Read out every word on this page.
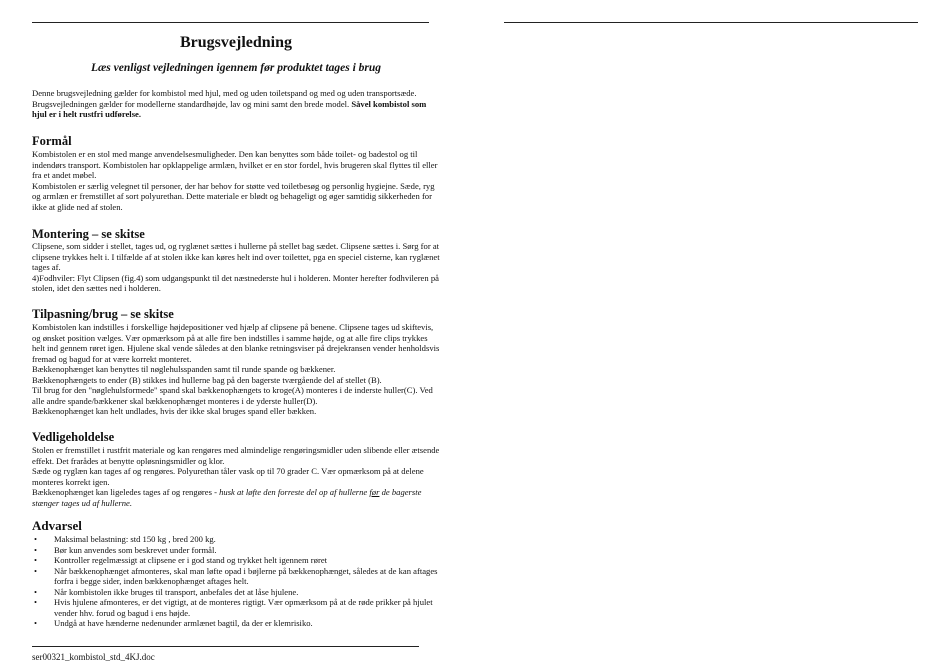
Brugsvejledning
Læs venligst vejledningen igennem før produktet tages i brug
Denne brugsvejledning gælder for kombistol med hjul, med og uden toiletspand og med og uden transportsæde. Brugsvejledningen gælder for modellerne standardhøjde, lav og mini samt den brede model. Såvel kombistol som hjul er i helt rustfri udførelse.
Formål

Kombistolen er en stol med mange anvendelsesmuligheder. Den kan benyttes som både toilet- og badestol og til indendørs transport. Kombistolen har opklappelige armlæn, hvilket er en stor fordel, hvis brugeren skal flyttes til eller fra et andet møbel.

Kombistolen er særlig velegnet til personer, der har behov for støtte ved toiletbesøg og personlig hygiejne. Sæde, ryg og armlæn er fremstillet af sort polyurethan. Dette materiale er blødt og behageligt og øger samtidig sikkerheden for ikke at glide ned af stolen.

Montering – se skitse

Clipsene, som sidder i stellet, tages ud, og ryglænet sættes i hullerne på stellet bag sædet. Clipsene sættes i. Sørg for at clipsene trykkes helt i. I tilfælde af at stolen ikke kan køres helt ind over toilettet, pga en speciel cisterne, kan ryglænet tages af.

4)Fodhviler: Flyt Clipsen (fig.4) som udgangspunkt til det næstnederste hul i holderen. Monter herefter fodhvileren på stolen, idet den sættes ned i holderen.

Tilpasning/brug – se skitse

Kombistolen kan indstilles i forskellige højdepositioner ved hjælp af clipsene på benene. Clipsene tages ud skiftevis, og ønsket position vælges. Vær opmærksom på at alle fire ben indstilles i samme højde, og at alle fire clips trykkes helt ind gennem røret igen. Hjulene skal vende således at den blanke retningsviser på drejekransen vender henholdsvis fremad og bagud for at være korrekt monteret.

Bækkenophænget kan benyttes til nøglehulsspanden samt til runde spande og bækkener.

Bækkenophængets to ender (B) stikkes ind hullerne bag på den bagerste tværgående del af stellet (B).

Til brug for den "nøglehulsformede" spand skal bækkenophængets to kroge(A) monteres i de inderste huller(C). Ved alle andre spande/bækkener skal bækkenophænget monteres i de yderste huller(D).

Bækkenophænget kan helt undlades, hvis der ikke skal bruges spand eller bækken.

Vedligeholdelse

Stolen er fremstillet i rustfrit materiale og kan rengøres med almindelige rengøringsmidler uden slibende eller ætsende effekt. Det frarådes at benytte opløsningsmidler og klor.

Sæde og ryglæn kan tages af og rengøres. Polyurethan tåler vask op til 70 grader C. Vær opmærksom på at delene monteres korrekt igen.

Bækkenophænget kan ligeledes tages af og rengøres - husk at løfte den forreste del op af hullerne før de bagerste stænger tages ud af hullerne.

Advarsel
• Maksimal belastning: std 150 kg , bred 200 kg.
• Bør kun anvendes som beskrevet under formål.
• Kontroller regelmæssigt at clipsene er i god stand og trykket helt igennem røret
• Når bækkenophænget afmonteres, skal man løfte opad i bøjlerne på bækkenophænget, således at de kan aftages forfra i begge sider, inden bækkenophænget aftages helt.
• Når kombistolen ikke bruges til transport, anbefales det at låse hjulene.
• Hvis hjulene afmonteres, er det vigtigt, at de monteres rigtigt. Vær opmærksom på at de røde prikker på hjulet vender hhv. forud og bagud i ens højde.
• Undgå at have hænderne nedenunder armlænet bagtil, da der er klemrisiko.
ser00321_kombistol_std_4KJ.doc
